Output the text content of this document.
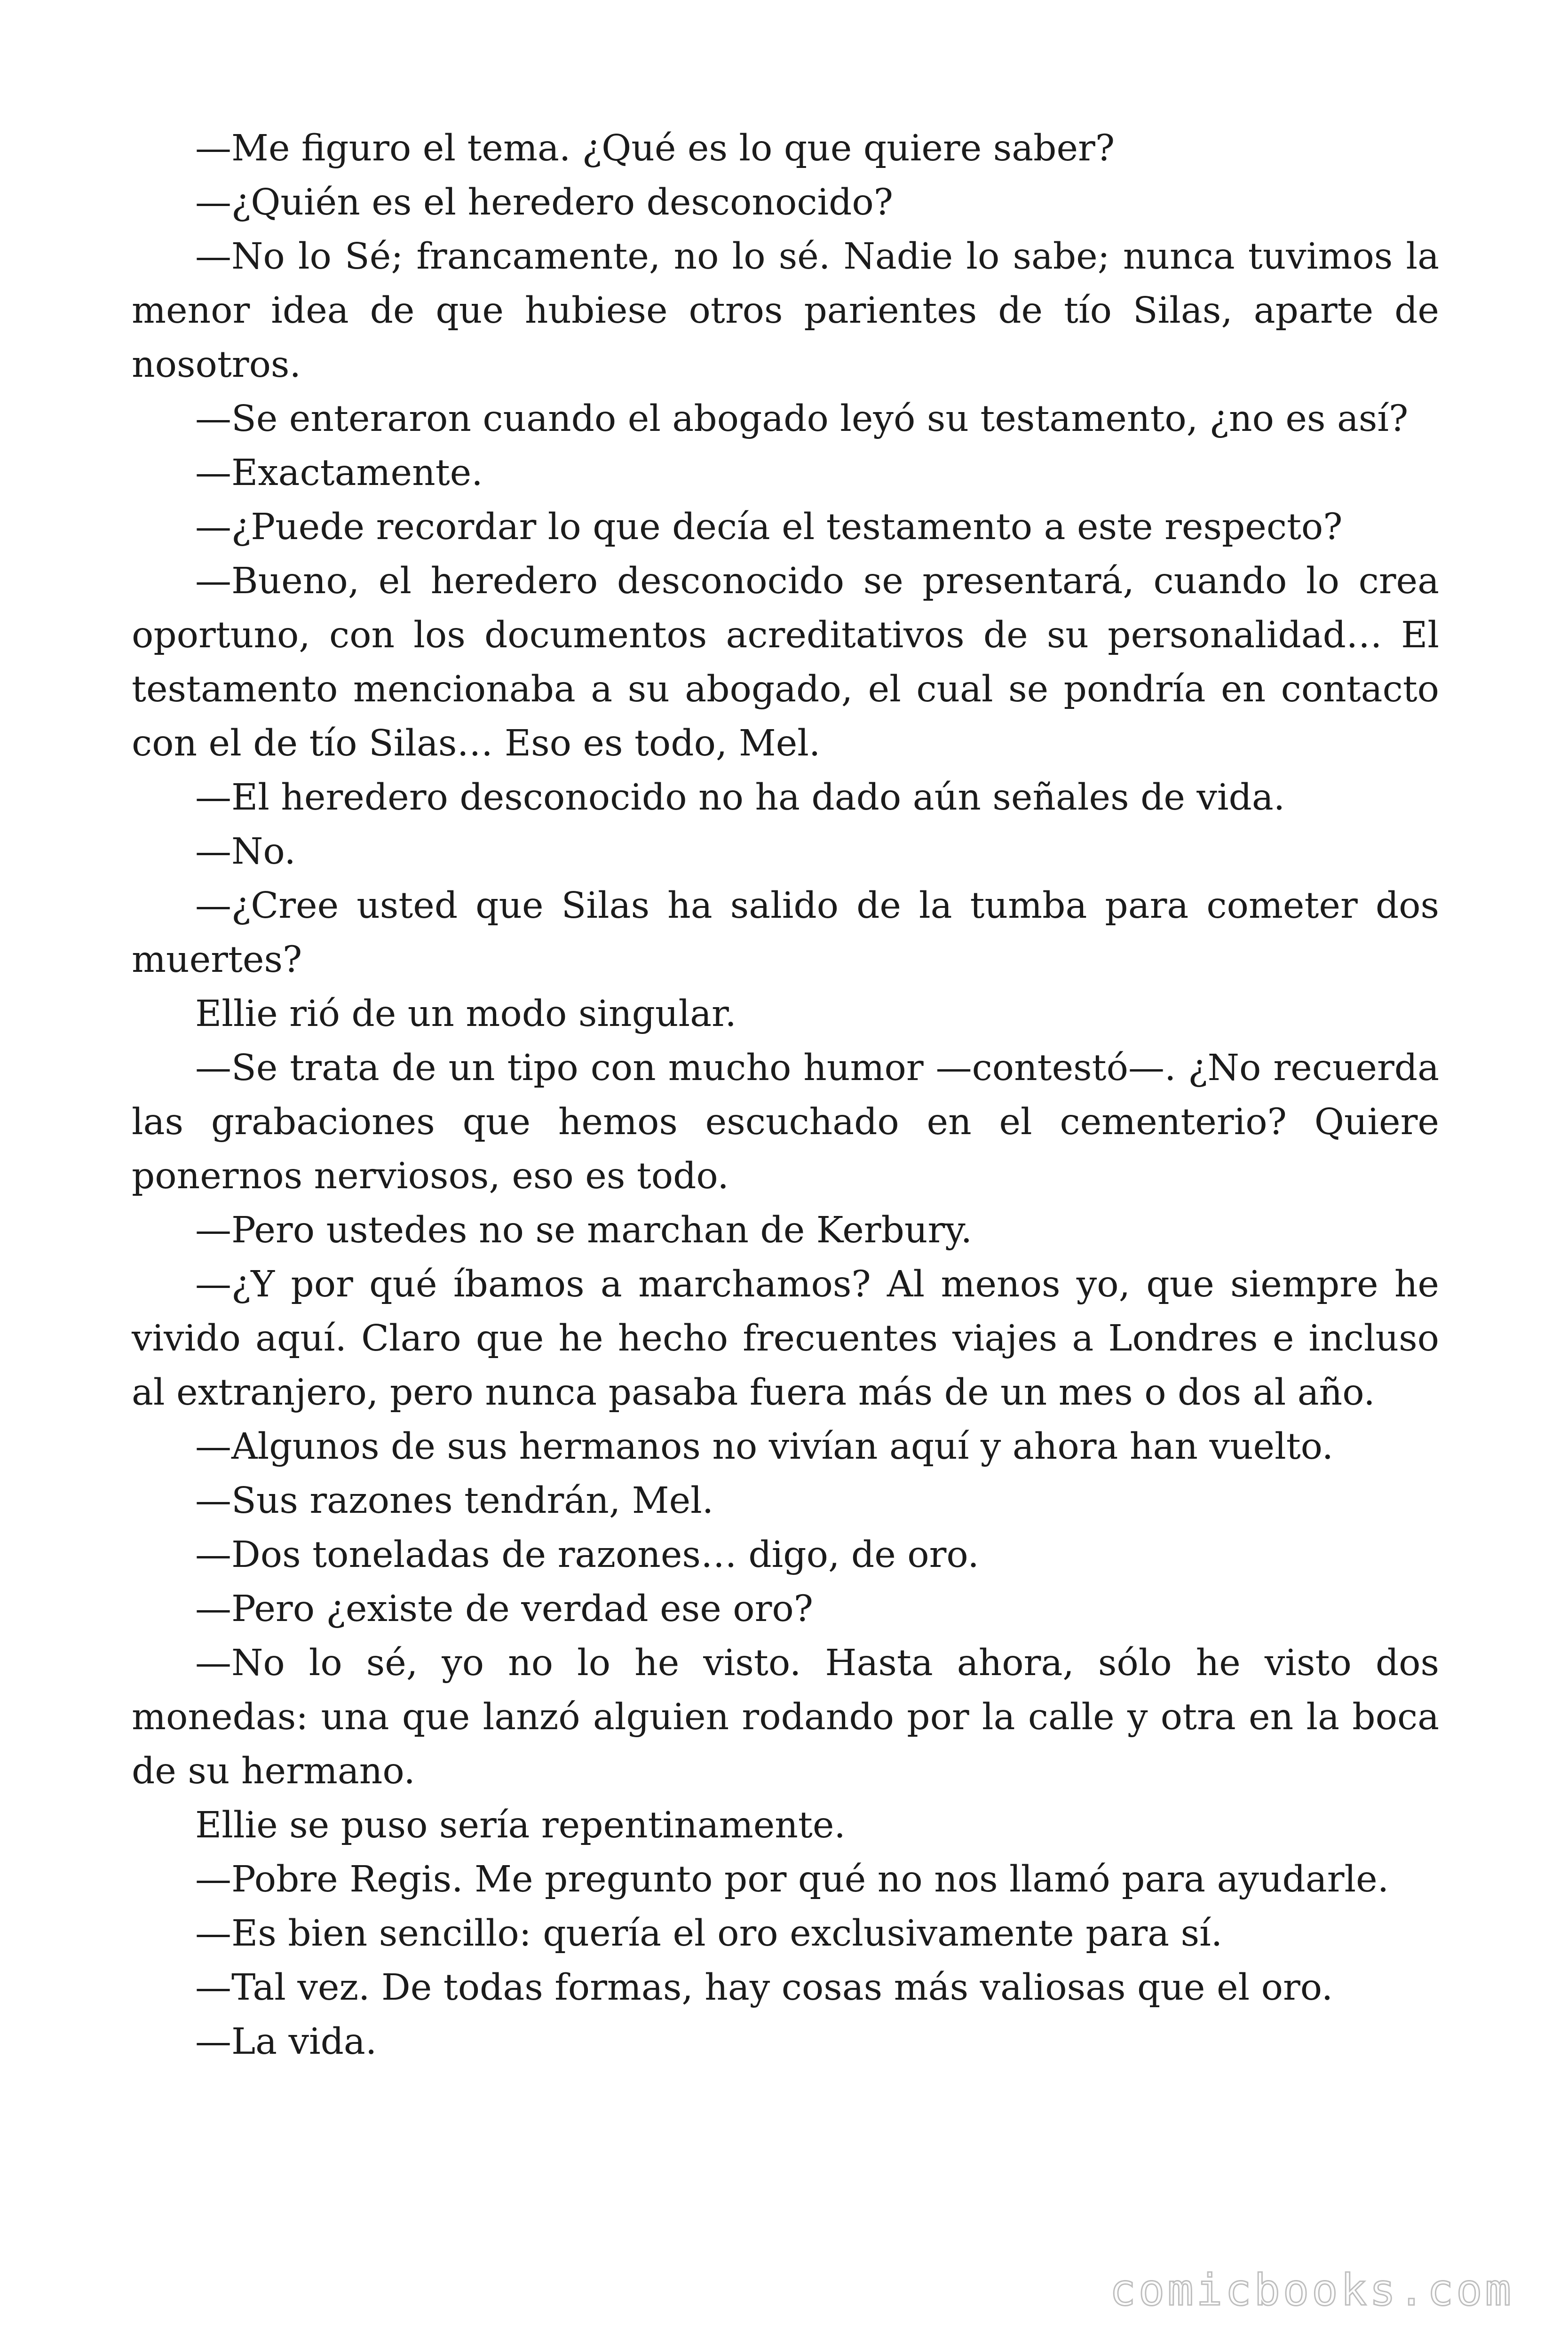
—Me figuro el tema. ¿Qué es lo que quiere saber?

—¿Quién es el heredero desconocido?

—No lo Sé; francamente, no lo sé. Nadie lo sabe; nunca tuvimos la menor idea de que hubiese otros parientes de tío Silas, aparte de nosotros.

—Se enteraron cuando el abogado leyó su testamento, ¿no es así?

—Exactamente.

—¿Puede recordar lo que decía el testamento a este respecto?

—Bueno, el heredero desconocido se presentará, cuando lo crea oportuno, con los documentos acreditativos de su personalidad… El testamento mencionaba a su abogado, el cual se pondría en contacto con el de tío Silas… Eso es todo, Mel.

—El heredero desconocido no ha dado aún señales de vida.

—No.

—¿Cree usted que Silas ha salido de la tumba para cometer dos muertes?

Ellie rió de un modo singular.

—Se trata de un tipo con mucho humor —contestó—. ¿No recuerda las grabaciones que hemos escuchado en el cementerio? Quiere ponernos nerviosos, eso es todo.

—Pero ustedes no se marchan de Kerbury.

—¿Y por qué íbamos a marchamos? Al menos yo, que siempre he vivido aquí. Claro que he hecho frecuentes viajes a Londres e incluso al extranjero, pero nunca pasaba fuera más de un mes o dos al año.

—Algunos de sus hermanos no vivían aquí y ahora han vuelto.

—Sus razones tendrán, Mel.

—Dos toneladas de razones… digo, de oro.

—Pero ¿existe de verdad ese oro?

—No lo sé, yo no lo he visto. Hasta ahora, sólo he visto dos monedas: una que lanzó alguien rodando por la calle y otra en la boca de su hermano.

Ellie se puso sería repentinamente.

—Pobre Regis. Me pregunto por qué no nos llamó para ayudarle.

—Es bien sencillo: quería el oro exclusivamente para sí.

—Tal vez. De todas formas, hay cosas más valiosas que el oro.

—La vida.

comicbooks.com
